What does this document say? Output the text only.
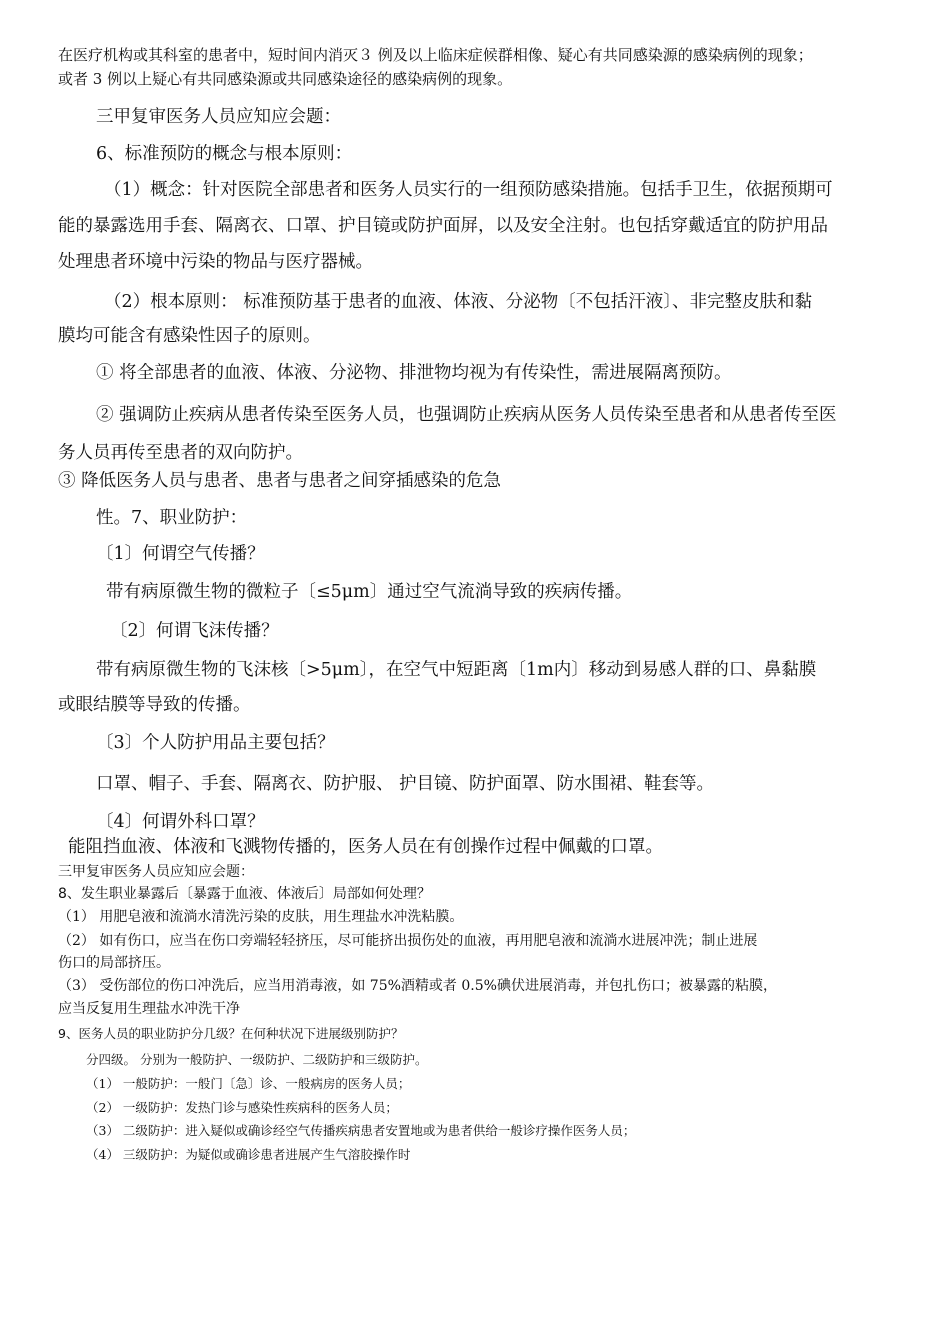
在医疗机构或其科室的患者中，短时间内消灭３ 例及以上临床症候群相像、疑心有共同感染源的感染病例的现象；
或者 3 例以上疑心有共同感染源或共同感染途径的感染病例的现象。
三甲复审医务人员应知应会题：
6、标准预防的概念与根本原则：
（1）概念：针对医院全部患者和医务人员实行的一组预防感染措施。包括手卫生，依据预期可
能的暴露选用手套、隔离衣、口罩、护目镜或防护面屏，以及安全注射。也包括穿戴适宜的防护用品
处理患者环境中污染的物品与医疗器械。
（2）根本原则： 标准预防基于患者的血液、体液、分泌物〔不包括汗液〕、非完整皮肤和黏
膜均可能含有感染性因子的原则。
① 将全部患者的血液、体液、分泌物、排泄物均视为有传染性，需进展隔离预防。
② 强调防止疾病从患者传染至医务人员，也强调防止疾病从医务人员传染至患者和从患者传至医
务人员再传至患者的双向防护。
③ 降低医务人员与患者、患者与患者之间穿插感染的危急
性。7、职业防护：
〔1〕何谓空气传播？
带有病原微生物的微粒子〔≤5μm〕通过空气流淌导致的疾病传播。
〔2〕何谓飞沫传播？
带有病原微生物的飞沫核〔>5μm〕，在空气中短距离〔1m内〕移动到易感人群的口、鼻黏膜
或眼结膜等导致的传播。
〔3〕个人防护用品主要包括？
口罩、帽子、手套、隔离衣、防护服、 护目镜、防护面罩、防水围裙、鞋套等。
〔4〕何谓外科口罩？
能阻挡血液、体液和飞溅物传播的，医务人员在有创操作过程中佩戴的口罩。
三甲复审医务人员应知应会题：
8、发生职业暴露后〔暴露于血液、体液后〕局部如何处理？
（1） 用肥皂液和流淌水清洗污染的皮肤，用生理盐水冲洗粘膜。
（2） 如有伤口，应当在伤口旁端轻轻挤压，尽可能挤出损伤处的血液，再用肥皂液和流淌水进展冲洗；制止进展
伤口的局部挤压。
（3） 受伤部位的伤口冲洗后，应当用消毒液，如 75%酒精或者 0.5%碘伏进展消毒，并包扎伤口；被暴露的粘膜，
应当反复用生理盐水冲洗干净
9、医务人员的职业防护分几级？在何种状况下进展级别防护？
分四级。 分别为一般防护、一级防护、二级防护和三级防护。
（1） 一般防护：一般门〔急〕诊、一般病房的医务人员；
（2） 一级防护：发热门诊与感染性疾病科的医务人员；
（3） 二级防护：进入疑似或确诊经空气传播疾病患者安置地或为患者供给一般诊疗操作医务人员；
（4） 三级防护：为疑似或确诊患者进展产生气溶胶操作时
